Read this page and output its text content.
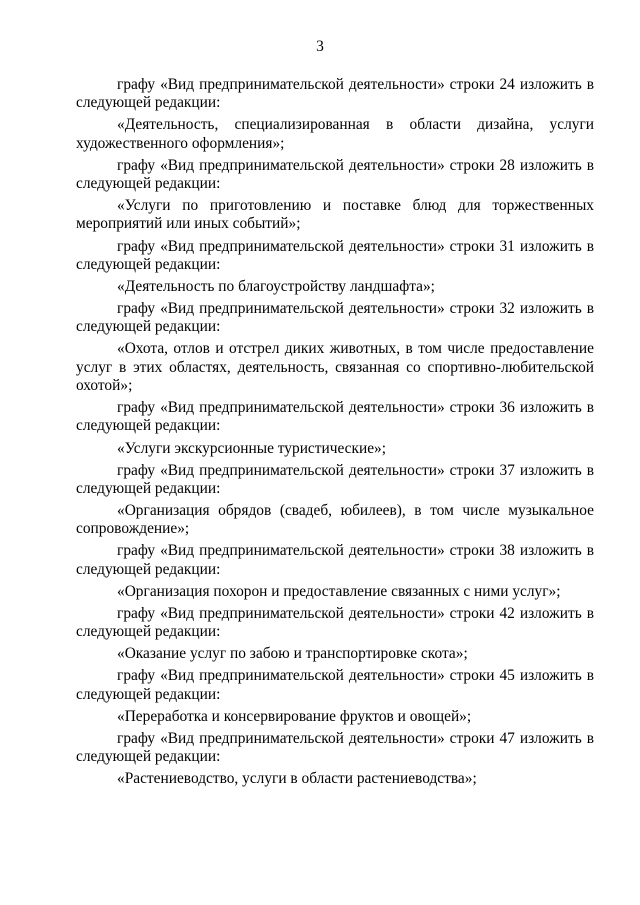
3

графу «Вид предпринимательской деятельности» строки 24 изложить в следующей редакции:

«Деятельность, специализированная в области дизайна, услуги художественного оформления»;

графу «Вид предпринимательской деятельности» строки 28 изложить в следующей редакции:

«Услуги по приготовлению и поставке блюд для торжественных мероприятий или иных событий»;

графу «Вид предпринимательской деятельности» строки 31 изложить в следующей редакции:

«Деятельность по благоустройству ландшафта»;

графу «Вид предпринимательской деятельности» строки 32 изложить в следующей редакции:

«Охота, отлов и отстрел диких животных, в том числе предоставление услуг в этих областях, деятельность, связанная со спортивно-любительской охотой»;

графу «Вид предпринимательской деятельности» строки 36 изложить в следующей редакции:

«Услуги экскурсионные туристические»;

графу «Вид предпринимательской деятельности» строки 37 изложить в следующей редакции:

«Организация обрядов (свадеб, юбилеев), в том числе музыкальное сопровождение»;

графу «Вид предпринимательской деятельности» строки 38 изложить в следующей редакции:

«Организация похорон и предоставление связанных с ними услуг»;

графу «Вид предпринимательской деятельности» строки 42 изложить в следующей редакции:

«Оказание услуг по забою и транспортировке скота»;

графу «Вид предпринимательской деятельности» строки 45 изложить в следующей редакции:

«Переработка и консервирование фруктов и овощей»;

графу «Вид предпринимательской деятельности» строки 47 изложить в следующей редакции:

«Растениеводство, услуги в области растениеводства»;
